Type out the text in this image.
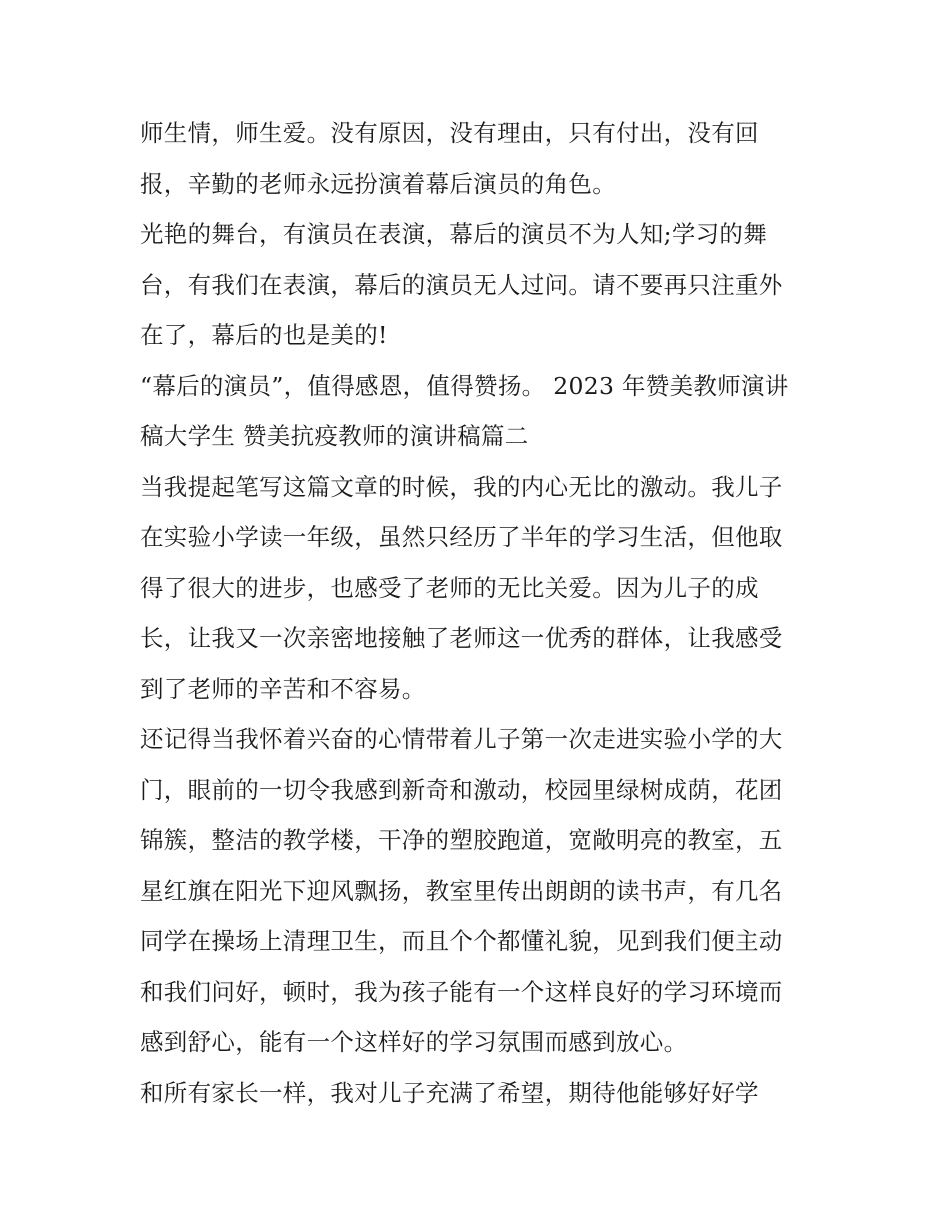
师生情，师生爱。没有原因，没有理由，只有付出，没有回
报，辛勤的老师永远扮演着幕后演员的角色。

光艳的舞台，有演员在表演，幕后的演员不为人知;学习的舞
台，有我们在表演，幕后的演员无人过问。请不要再只注重外
在了，幕后的也是美的!

“幕后的演员”，值得感恩，值得赞扬。 2023 年赞美教师演讲
稿大学生 赞美抗疫教师的演讲稿篇二

当我提起笔写这篇文章的时候，我的内心无比的激动。我儿子
在实验小学读一年级，虽然只经历了半年的学习生活，但他取
得了很大的进步，也感受了老师的无比关爱。因为儿子的成
长，让我又一次亲密地接触了老师这一优秀的群体，让我感受
到了老师的辛苦和不容易。

还记得当我怀着兴奋的心情带着儿子第一次走进实验小学的大
门，眼前的一切令我感到新奇和激动，校园里绿树成荫，花团
锦簇，整洁的教学楼，干净的塑胶跑道，宽敞明亮的教室，五
星红旗在阳光下迎风飘扬，教室里传出朗朗的读书声，有几名
同学在操场上清理卫生，而且个个都懂礼貌，见到我们便主动
和我们问好，顿时，我为孩子能有一个这样良好的学习环境而
感到舒心，能有一个这样好的学习氛围而感到放心。

和所有家长一样，我对儿子充满了希望，期待他能够好好学
